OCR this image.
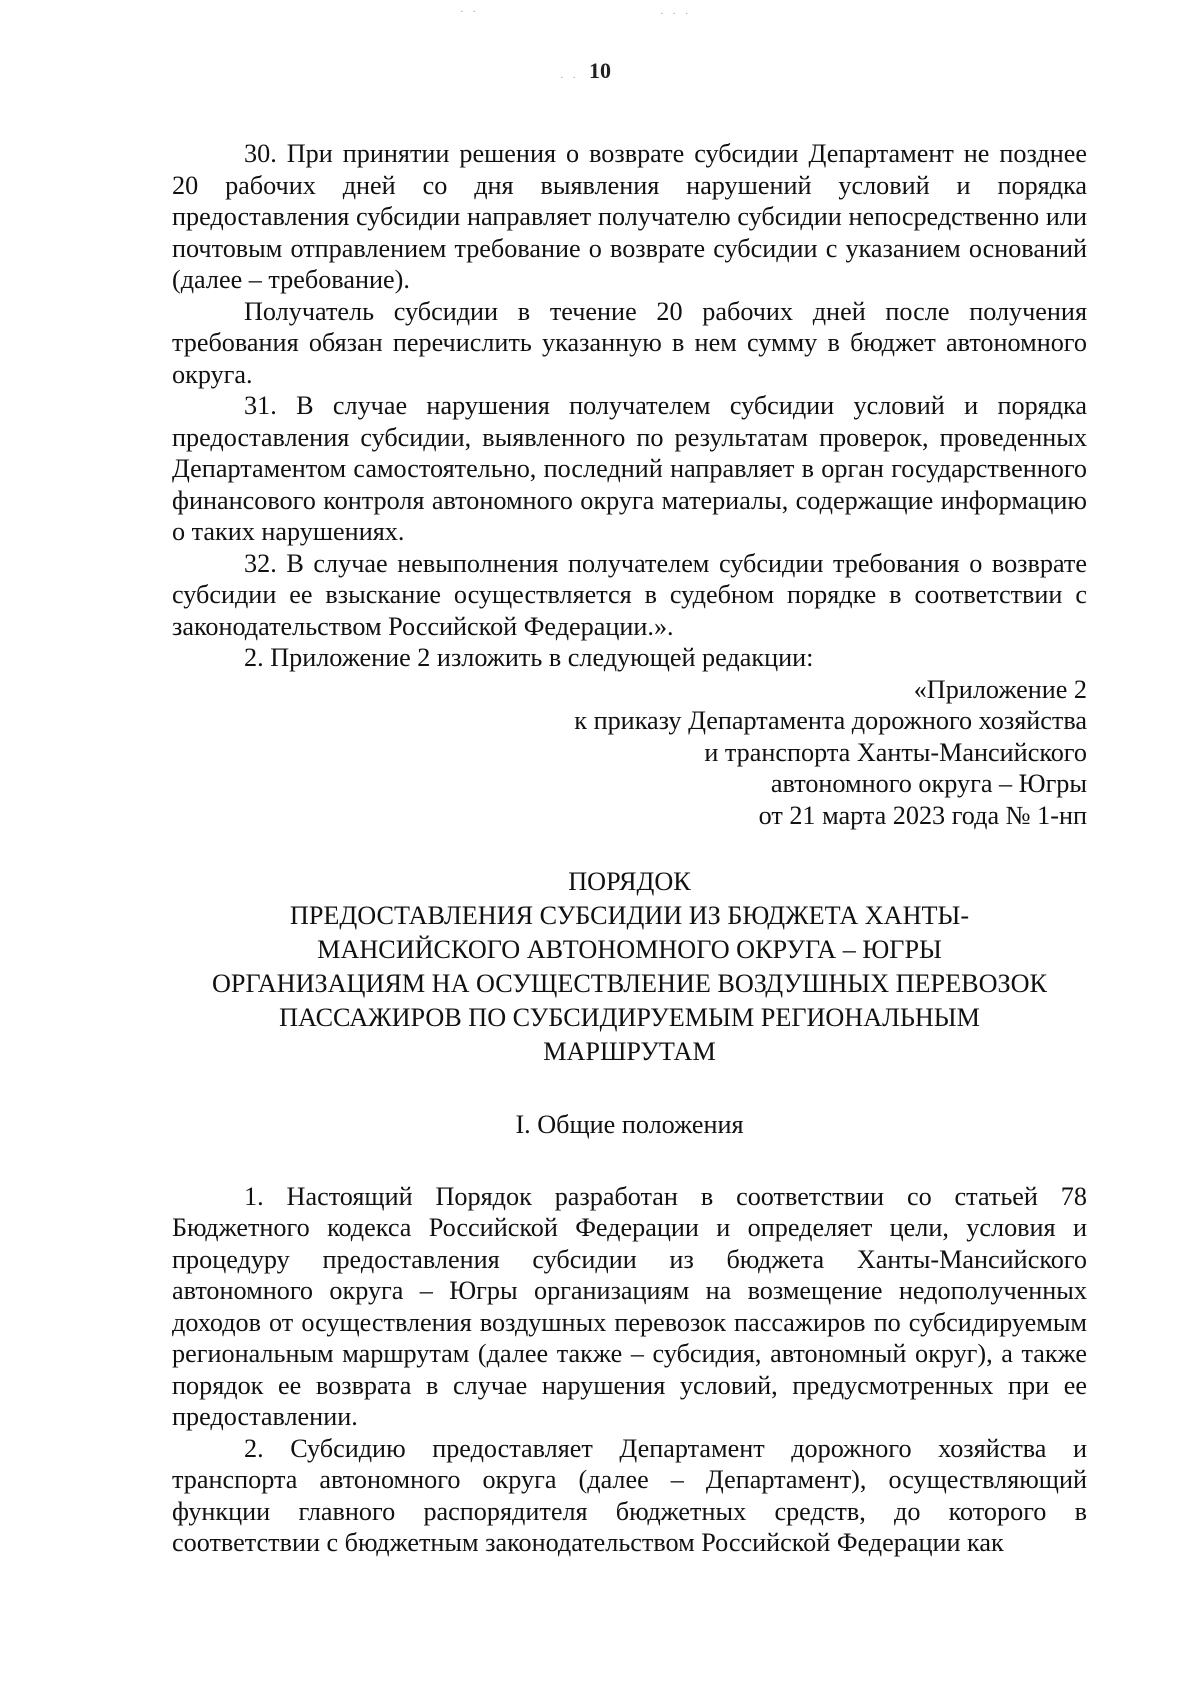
· ·	· · ·
· · 10

30. При принятии решения о возврате субсидии Департамент не позднее 20 рабочих дней со дня выявления нарушений условий и порядка предоставления субсидии направляет получателю субсидии непосредственно или почтовым отправлением требование о возврате субсидии с указанием оснований (далее – требование).

Получатель субсидии в течение 20 рабочих дней после получения требования обязан перечислить указанную в нем сумму в бюджет автономного округа.

31. В случае нарушения получателем субсидии условий и порядка предоставления субсидии, выявленного по результатам проверок, проведенных Департаментом самостоятельно, последний направляет в орган государственного финансового контроля автономного округа материалы, содержащие информацию о таких нарушениях.

32. В случае невыполнения получателем субсидии требования о возврате субсидии ее взыскание осуществляется в судебном порядке в соответствии с законодательством Российской Федерации.».

2. Приложение 2 изложить в следующей редакции:

«Приложение 2
к приказу Департамента дорожного хозяйства
и транспорта Ханты-Мансийского
автономного округа – Югры
от 21 марта 2023 года № 1-нп
ПОРЯДОК
ПРЕДОСТАВЛЕНИЯ СУБСИДИИ ИЗ БЮДЖЕТА ХАНТЫ-
МАНСИЙСКОГО АВТОНОМНОГО ОКРУГА – ЮГРЫ
ОРГАНИЗАЦИЯМ НА ОСУЩЕСТВЛЕНИЕ ВОЗДУШНЫХ ПЕРЕВОЗОК
ПАССАЖИРОВ ПО СУБСИДИРУЕМЫМ РЕГИОНАЛЬНЫМ
МАРШРУТАМ
I. Общие положения

1. Настоящий Порядок разработан в соответствии со статьей 78 Бюджетного кодекса Российской Федерации и определяет цели, условия и процедуру предоставления субсидии из бюджета Ханты-Мансийского автономного округа – Югры организациям на возмещение недополученных доходов от осуществления воздушных перевозок пассажиров по субсидируемым региональным маршрутам (далее также – субсидия, автономный округ), а также порядок ее возврата в случае нарушения условий, предусмотренных при ее предоставлении.

2. Субсидию предоставляет Департамент дорожного хозяйства и транспорта автономного округа (далее – Департамент), осуществляющий функции главного распорядителя бюджетных средств, до которого в соответствии с бюджетным законодательством Российской Федерации как
